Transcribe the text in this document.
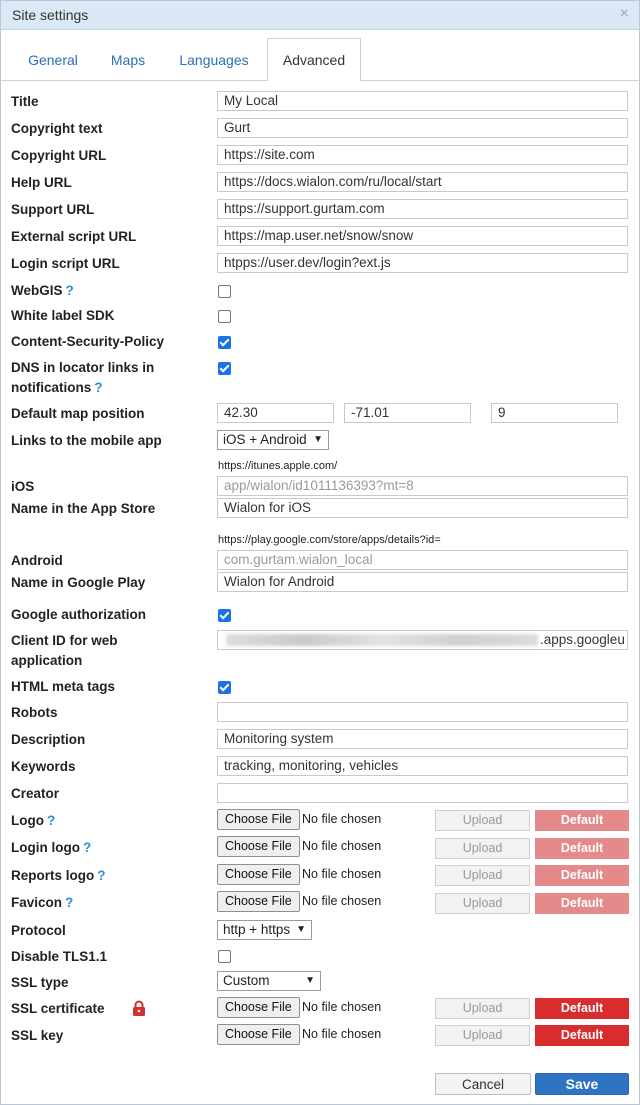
Site settings	×
General	Maps	Languages	Advanced
Title	My Local
Copyright text	Gurt
Copyright URL	https://site.com
Help URL	https://docs.wialon.com/ru/local/start
Support URL	https://support.gurtam.com
External script URL	https://map.user.net/snow/snow
Login script URL	htpps://user.dev/login?ext.js
WebGIS ?
White label SDK
Content-Security-Policy
DNS in locator links in
notifications ?
Default map position	42.30	-71.01	9
Links to the mobile app	iOS + Android ▼
https://itunes.apple.com/
iOS	app/wialon/id1011136393?mt=8
Name in the App Store	Wialon for iOS
https://play.google.com/store/apps/details?id=
Android	com.gurtam.wialon_local
Name in Google Play	Wialon for Android
Google authorization
Client ID for web
application
.apps.googleu
HTML meta tags
Robots
Description	Monitoring system
Keywords	tracking, monitoring, vehicles
Creator
Logo ?	Choose File No file chosen	Upload	Default
Login logo ?	Choose File No file chosen	Upload	Default
Reports logo ?	Choose File No file chosen	Upload	Default
Favicon ?	Choose File No file chosen	Upload	Default
Protocol	http + https ▼
Disable TLS1.1
SSL type	Custom	▼
SSL certificate	Choose File No file chosen	Upload	Default
SSL key	Choose File No file chosen	Upload	Default
Cancel	Save
